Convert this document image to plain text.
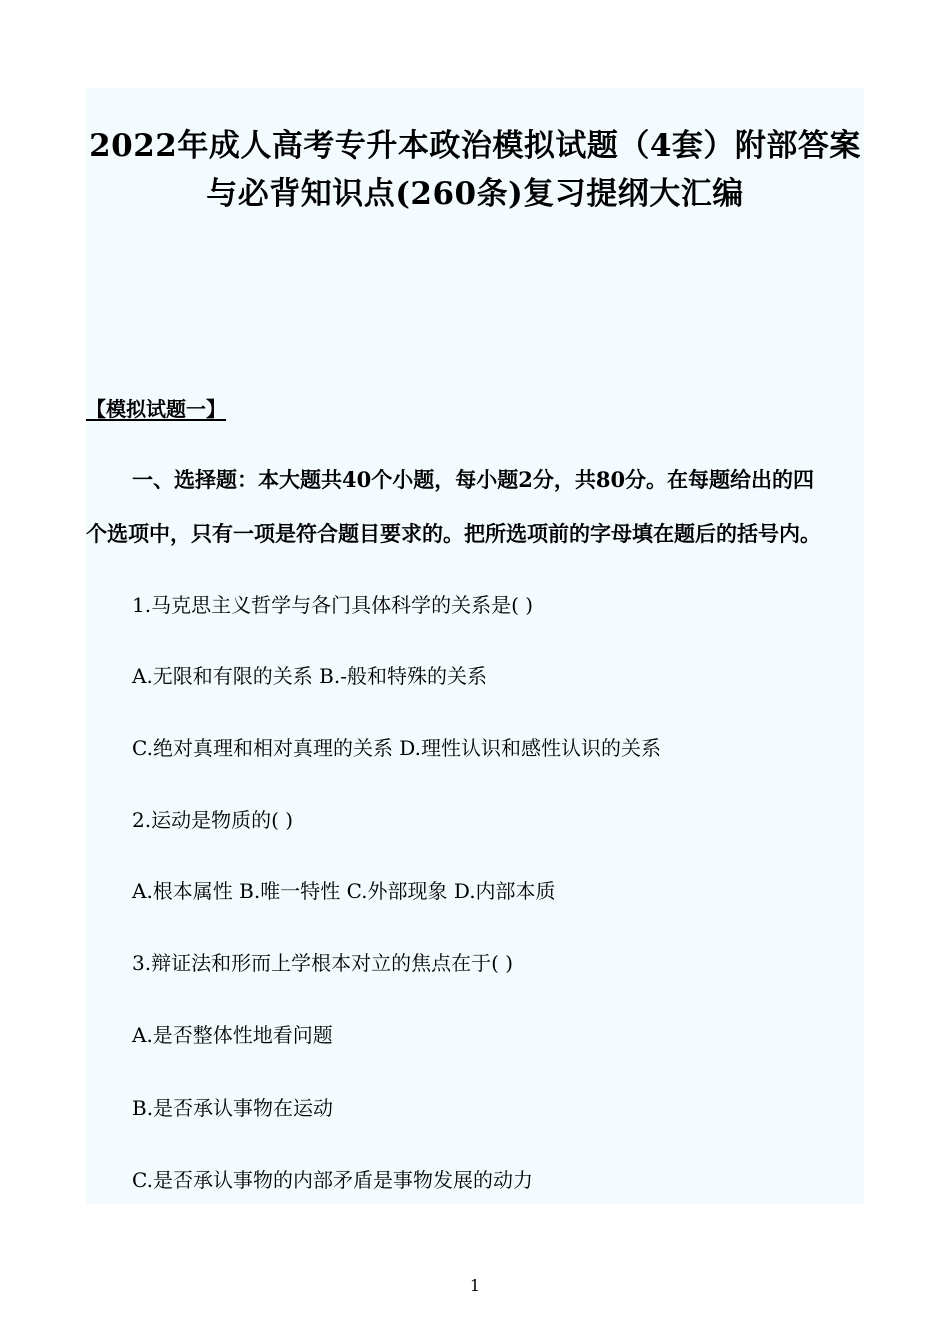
2022年成人高考专升本政治模拟试题（4套）附部答案
与必背知识点(260条)复习提纲大汇编
【模拟试题一】
一、选择题：本大题共40个小题，每小题2分，共80分。在每题给出的四
个选项中，只有一项是符合题目要求的。把所选项前的字母填在题后的括号内。
1.马克思主义哲学与各门具体科学的关系是( )
A.无限和有限的关系 B.-般和特殊的关系
C.绝对真理和相对真理的关系 D.理性认识和感性认识的关系
2.运动是物质的( )
A.根本属性 B.唯一特性 C.外部现象 D.内部本质
3.辩证法和形而上学根本对立的焦点在于( )
A.是否整体性地看问题
B.是否承认事物在运动
C.是否承认事物的内部矛盾是事物发展的动力
1
